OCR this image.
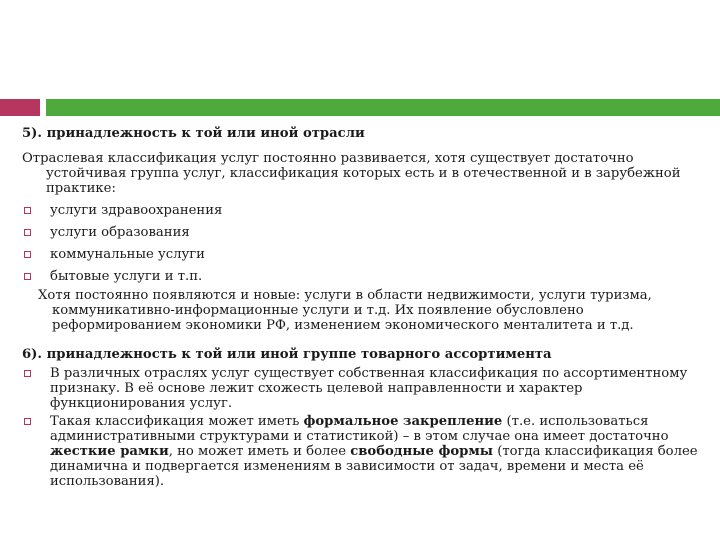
5). принадлежность к той или иной отрасли

Отраслевая классификация услуг постоянно развивается, хотя существует достаточно устойчивая группа услуг, классификация которых есть и в отечественной и в зарубежной практике:

услуги здравоохранения

услуги образования

коммунальные услуги

бытовые услуги и т.п.

Хотя постоянно появляются и новые: услуги в области недвижимости, услуги туризма, коммуникативно-информационные услуги и т.д. Их появление обусловлено реформированием экономики РФ, изменением экономического менталитета и т.д.

6). принадлежность к той или иной группе товарного ассортимента

В различных отраслях услуг существует собственная классификация по ассортиментному признаку. В её основе лежит схожесть целевой направленности и характер функционирования услуг.

Такая классификация может иметь формальное закрепление (т.е. использоваться административными структурами и статистикой) – в этом случае она имеет достаточно жесткие рамки, но может иметь и более свободные формы (тогда классификация более динамична и подвергается изменениям в зависимости от задач, времени и места её использования).
